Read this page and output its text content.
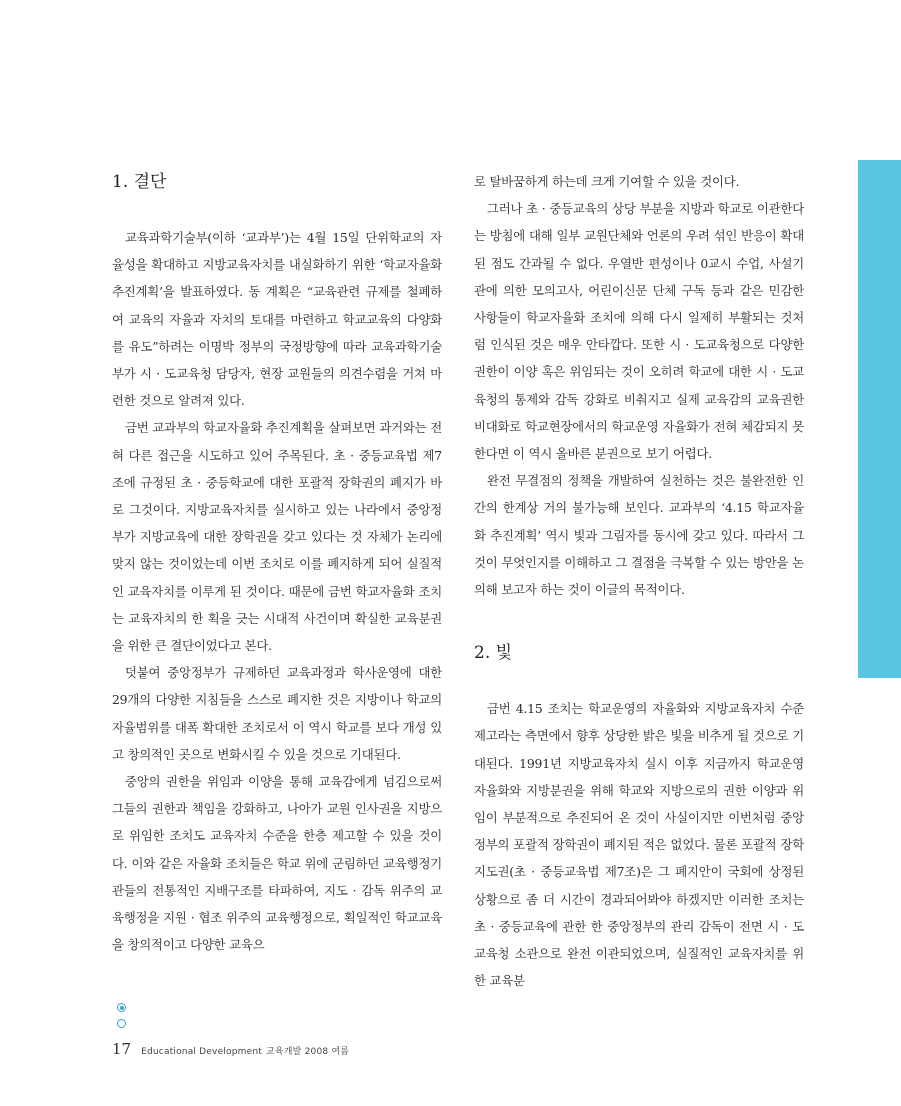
1. 결단

교육과학기술부(이하 ‘교과부’)는 4월 15일 단위학교의 자율성을 확대하고 지방교육자치를 내실화하기 위한 ‘학교자율화 추진계획’을 발표하였다. 동 계획은 “교육관련 규제를 철폐하여 교육의 자율과 자치의 토대를 마련하고 학교교육의 다양화를 유도”하려는 이명박 정부의 국정방향에 따라 교육과학기술부가 시 · 도교육청 담당자, 현장 교원들의 의견수렴을 거쳐 마련한 것으로 알려져 있다.

금번 교과부의 학교자율화 추진계획을 살펴보면 과거와는 전혀 다른 접근을 시도하고 있어 주목된다. 초 · 중등교육법 제7조에 규정된 초 · 중등학교에 대한 포괄적 장학권의 폐지가 바로 그것이다. 지방교육자치를 실시하고 있는 나라에서 중앙정부가 지방교육에 대한 장학권을 갖고 있다는 것 자체가 논리에 맞지 않는 것이었는데 이번 조치로 이를 폐지하게 되어 실질적인 교육자치를 이루게 된 것이다. 때문에 금번 학교자율화 조치는 교육자치의 한 획을 긋는 시대적 사건이며 확실한 교육분권을 위한 큰 결단이었다고 본다.

덧붙여 중앙정부가 규제하던 교육과정과 학사운영에 대한 29개의 다양한 지침들을 스스로 폐지한 것은 지방이나 학교의 자율범위를 대폭 확대한 조치로서 이 역시 학교를 보다 개성 있고 창의적인 곳으로 변화시킬 수 있을 것으로 기대된다.

중앙의 권한을 위임과 이양을 통해 교육감에게 넘김으로써 그들의 권한과 책임을 강화하고, 나아가 교원 인사권을 지방으로 위임한 조치도 교육자치 수준을 한층 제고할 수 있을 것이다. 이와 같은 자율화 조치들은 학교 위에 군림하던 교육행정기관들의 전통적인 지배구조를 타파하여, 지도 · 감독 위주의 교육행정을 지원 · 협조 위주의 교육행정으로, 획일적인 학교교육을 창의적이고 다양한 교육으

로 탈바꿈하게 하는데 크게 기여할 수 있을 것이다.

그러나 초 · 중등교육의 상당 부분을 지방과 학교로 이관한다는 방침에 대해 일부 교원단체와 언론의 우려 섞인 반응이 확대된 점도 간과될 수 없다. 우열반 편성이나 0교시 수업, 사설기관에 의한 모의고사, 어린이신문 단체 구독 등과 같은 민감한 사항들이 학교자율화 조치에 의해 다시 일제히 부활되는 것처럼 인식된 것은 매우 안타깝다. 또한 시 · 도교육청으로 다양한 권한이 이양 혹은 위임되는 것이 오히려 학교에 대한 시 · 도교육청의 통제와 감독 강화로 비춰지고 실제 교육감의 교육권한 비대화로 학교현장에서의 학교운영 자율화가 전혀 체감되지 못한다면 이 역시 올바른 분권으로 보기 어렵다.

완전 무결점의 정책을 개발하여 실천하는 것은 불완전한 인간의 한계상 거의 불가능해 보인다. 교과부의 ‘4.15 학교자율화 추진계획’ 역시 빛과 그림자를 동시에 갖고 있다. 따라서 그것이 무엇인지를 이해하고 그 결점을 극복할 수 있는 방안을 논의해 보고자 하는 것이 이글의 목적이다.

2. 빛

금번 4.15 조치는 학교운영의 자율화와 지방교육자치 수준 제고라는 측면에서 향후 상당한 밝은 빛을 비추게 될 것으로 기대된다. 1991년 지방교육자치 실시 이후 지금까지 학교운영 자율화와 지방분권을 위해 학교와 지방으로의 권한 이양과 위임이 부분적으로 추진되어 온 것이 사실이지만 이번처럼 중앙정부의 포괄적 장학권이 폐지된 적은 없었다. 물론 포괄적 장학지도권(초 · 중등교육법 제7조)은 그 폐지안이 국회에 상정된 상황으로 좀 더 시간이 경과되어봐야 하겠지만 이러한 조치는 초 · 중등교육에 관한 한 중앙정부의 관리 감독이 전면 시 · 도교육청 소관으로 완전 이관되었으며, 실질적인 교육자치를 위한 교육분

17 Educational Development 교육개발 2008 여름
